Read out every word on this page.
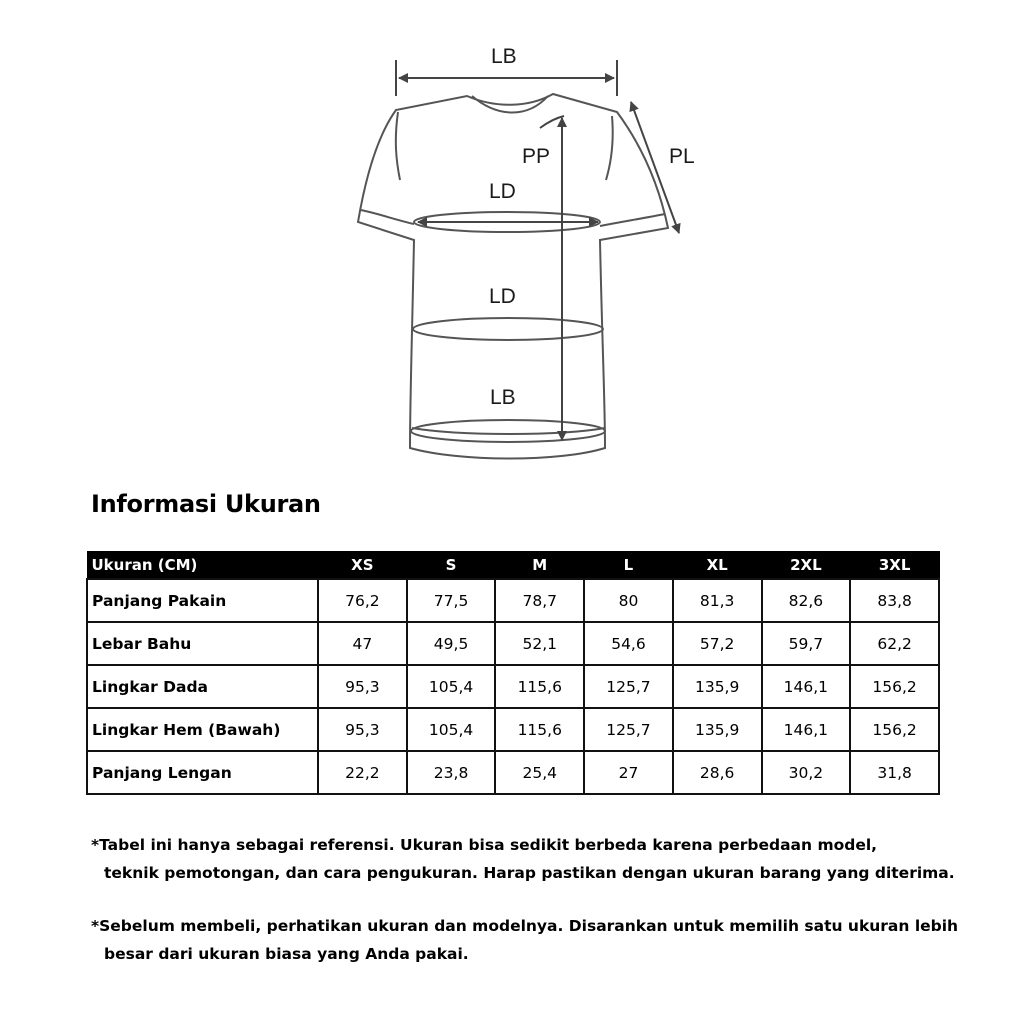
LB
PP	PL
LD
LD
LB
Informasi Ukuran
Ukuran (CM)	XS	S	M	L	XL	2XL	3XL
Panjang Pakain	76,2	77,5	78,7	80	81,3	82,6	83,8
Lebar Bahu	47	49,5	52,1	54,6	57,2	59,7	62,2
Lingkar Dada	95,3	105,4	115,6	125,7	135,9	146,1	156,2
Lingkar Hem (Bawah)	95,3	105,4	115,6	125,7	135,9	146,1	156,2
Panjang Lengan	22,2	23,8	25,4	27	28,6	30,2	31,8

*Tabel ini hanya sebagai referensi. Ukuran bisa sedikit berbeda karena perbedaan model,
teknik pemotongan, dan cara pengukuran. Harap pastikan dengan ukuran barang yang diterima.

*Sebelum membeli, perhatikan ukuran dan modelnya. Disarankan untuk memilih satu ukuran lebih
besar dari ukuran biasa yang Anda pakai.
